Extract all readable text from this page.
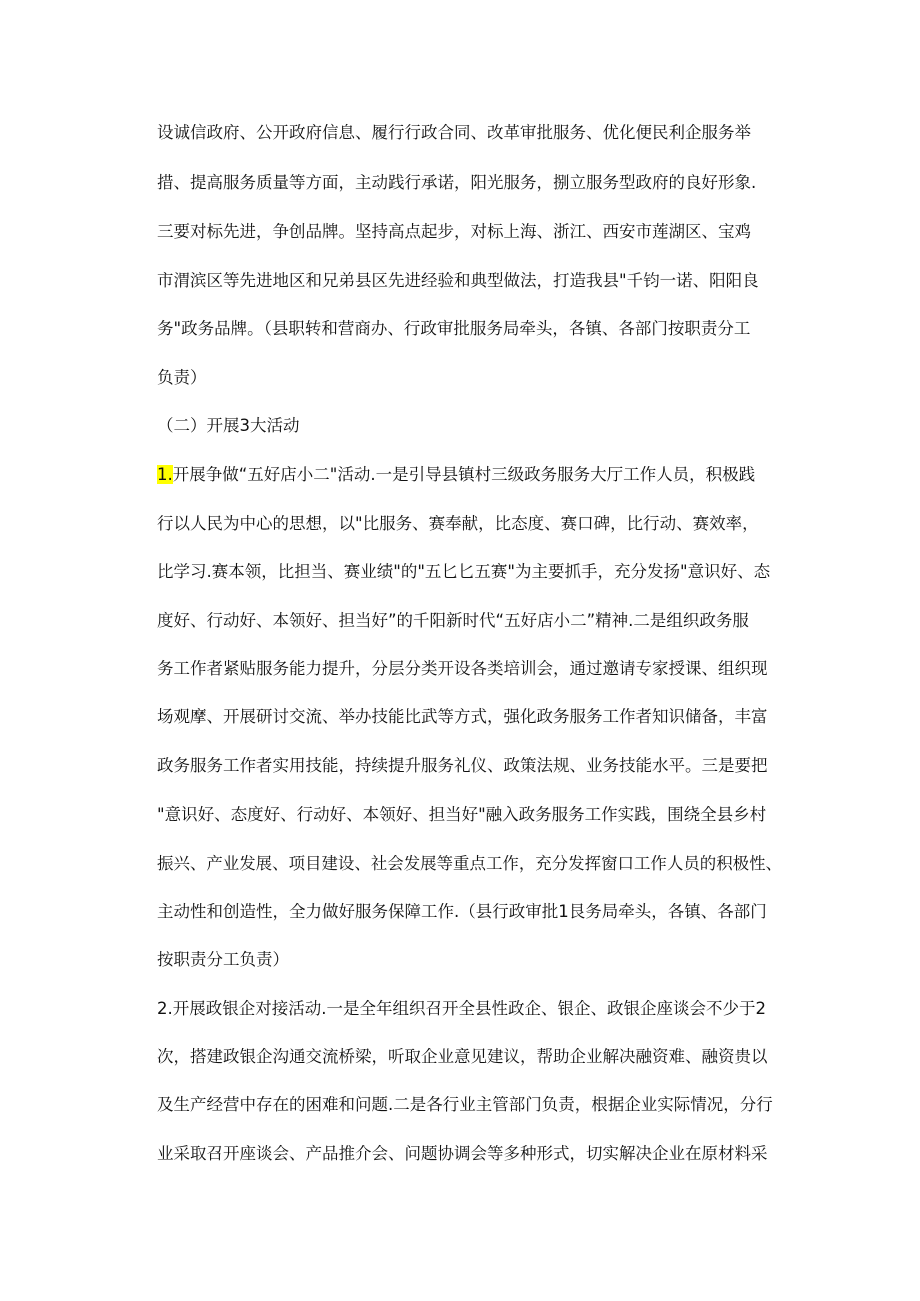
设诚信政府、公开政府信息、履行行政合同、改革审批服务、优化便民利企服务举
措、提高服务质量等方面，主动践行承诺，阳光服务，捌立服务型政府的良好形象.
三要对标先进，争创品牌。坚持高点起步，对标上海、浙江、西安市莲湖区、宝鸡
市渭滨区等先进地区和兄弟县区先进经验和典型做法，打造我县"千钧一诺、阳阳良
务"政务品牌。（县职转和营商办、行政审批服务局牵头，各镇、各部门按职责分工
负责）
（二）开展3大活动
1.开展争做“五好店小二"活动.一是引导县镇村三级政务服务大厅工作人员，积极践
行以人民为中心的思想，以"比服务、赛奉献，比态度、赛口碑，比行动、赛效率，
比学习.赛本领，比担当、赛业绩"的"五匕匕五赛"为主要抓手，充分发扬"意识好、态
度好、行动好、本领好、担当好”的千阳新时代“五好店小二”精神.二是组织政务服
务工作者紧贴服务能力提升，分层分类开设各类培训会，通过邀请专家授课、组织现
场观摩、开展研讨交流、举办技能比武等方式，强化政务服务工作者知识储备，丰富
政务服务工作者实用技能，持续提升服务礼仪、政策法规、业务技能水平。三是要把
"意识好、态度好、行动好、本领好、担当好"融入政务服务工作实践，围绕全县乡村
振兴、产业发展、项目建设、社会发展等重点工作，充分发挥窗口工作人员的积极性、
主动性和创造性，全力做好服务保障工作.（县行政审批1艮务局牵头，各镇、各部门
按职责分工负责）
2.开展政银企对接活动.一是全年组织召开全县性政企、银企、政银企座谈会不少于2
次，搭建政银企沟通交流桥梁，听取企业意见建议，帮助企业解决融资难、融资贵以
及生产经营中存在的困难和问题.二是各行业主管部门负责，根据企业实际情况，分行
业采取召开座谈会、产品推介会、问题协调会等多种形式，切实解决企业在原材料采
